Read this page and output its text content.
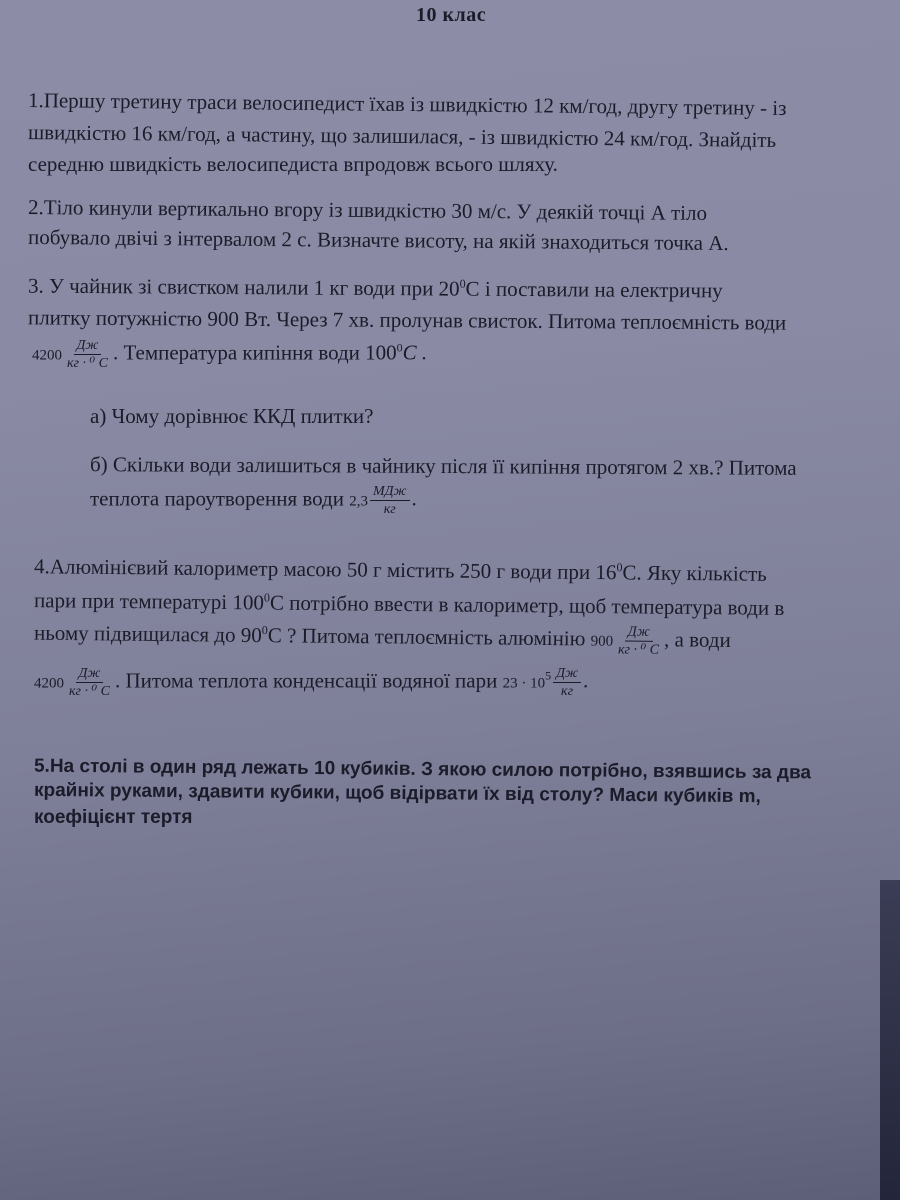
10 клас
1.Першу третину траси велосипедист їхав із швидкістю 12 км/год, другу третину - із
швидкістю 16 км/год, а частину, що залишилася, - із швидкістю 24 км/год. Знайдіть
середню швидкість велосипедиста впродовж всього шляху.
2.Тіло кинули вертикально вгору із швидкістю 30 м/с. У деякій точці А тіло
побувало двічі з інтервалом 2 с. Визначте висоту, на якій знаходиться точка А.
3. У чайник зі свистком налили 1 кг води при $20^0C$ і поставили на електричну
плитку потужністю 900 Вт. Через 7 хв. пролунав свисток. Питома теплоємність води
$4200 \frac{Дж}{\text{кг · ⁰ C}}$ . Температура кипіння води $100^0C$ .
а) Чому дорівнює ККД плитки?
б) Скільки води залишиться в чайнику після її кипіння протягом 2 хв.? Питома
теплота пароутворення води $2,3 \frac{\text{МДж}}{кг}$ .
4.Алюмінієвий калориметр масою 50 г містить 250 г води при $16^0С$. Яку кількість
пари при температурі $100^0С$ потрібно ввести в калориметр, щоб температура води в
ньому підвищилася до $90^0С$ ? Питома теплоємність алюмінію $900 \frac{Дж}{\text{кг · ⁰ C}}$ , а води
$4200 \frac{Дж}{\text{кг · ⁰ C}}$ . Питома теплота конденсації водяної пари $23 \cdot 10^5 \frac{Дж}{кг}$ .
5.На столі в один ряд лежать 10 кубиків. З якою силою потрібно, взявшись за два
крайніх руками, здавити кубики, щоб відірвати їх від столу? Маси кубиків m,
коефіцієнт тертя
